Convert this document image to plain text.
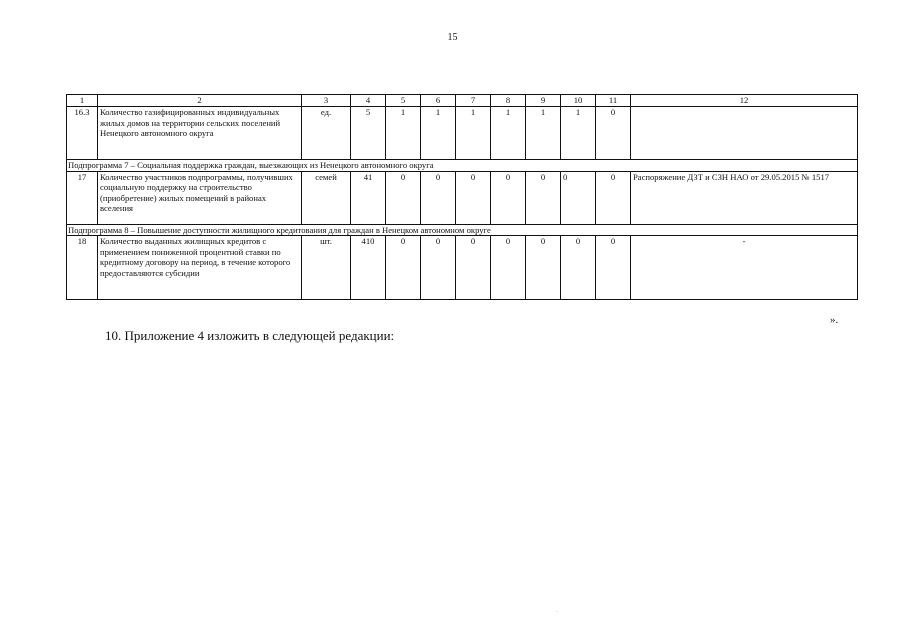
15
1	2	3	4	5	6	7	8	9	10	11	12
16.3	Количество газифицированных индивидуальных жилых домов на территории сельских поселений Ненецкого автономного округа	ед.	5	1	1	1	1	1	1	0	
Подпрограмма 7 – Социальная поддержка граждан, выезжающих из Ненецкого автономного округа											
17	Количество участников подпрограммы, получивших социальную поддержку на строительство (приобретение) жилых помещений в районах вселения	семей	41	0	0	0	0	0	0	0	Распоряжение ДЗТ и СЗН НАО от 29.05.2015 № 1517
Подпрограмма 8 – Повышение доступности жилищного кредитования для граждан в Ненецком автономном округе											
18	Количество выданных жилищных кредитов с применением пониженной процентной ставки по кредитному договору на период, в течение которого предоставляются субсидии	шт.	410	0	0	0	0	0	0	0	-
».
10. Приложение 4 изложить в следующей редакции:
.
